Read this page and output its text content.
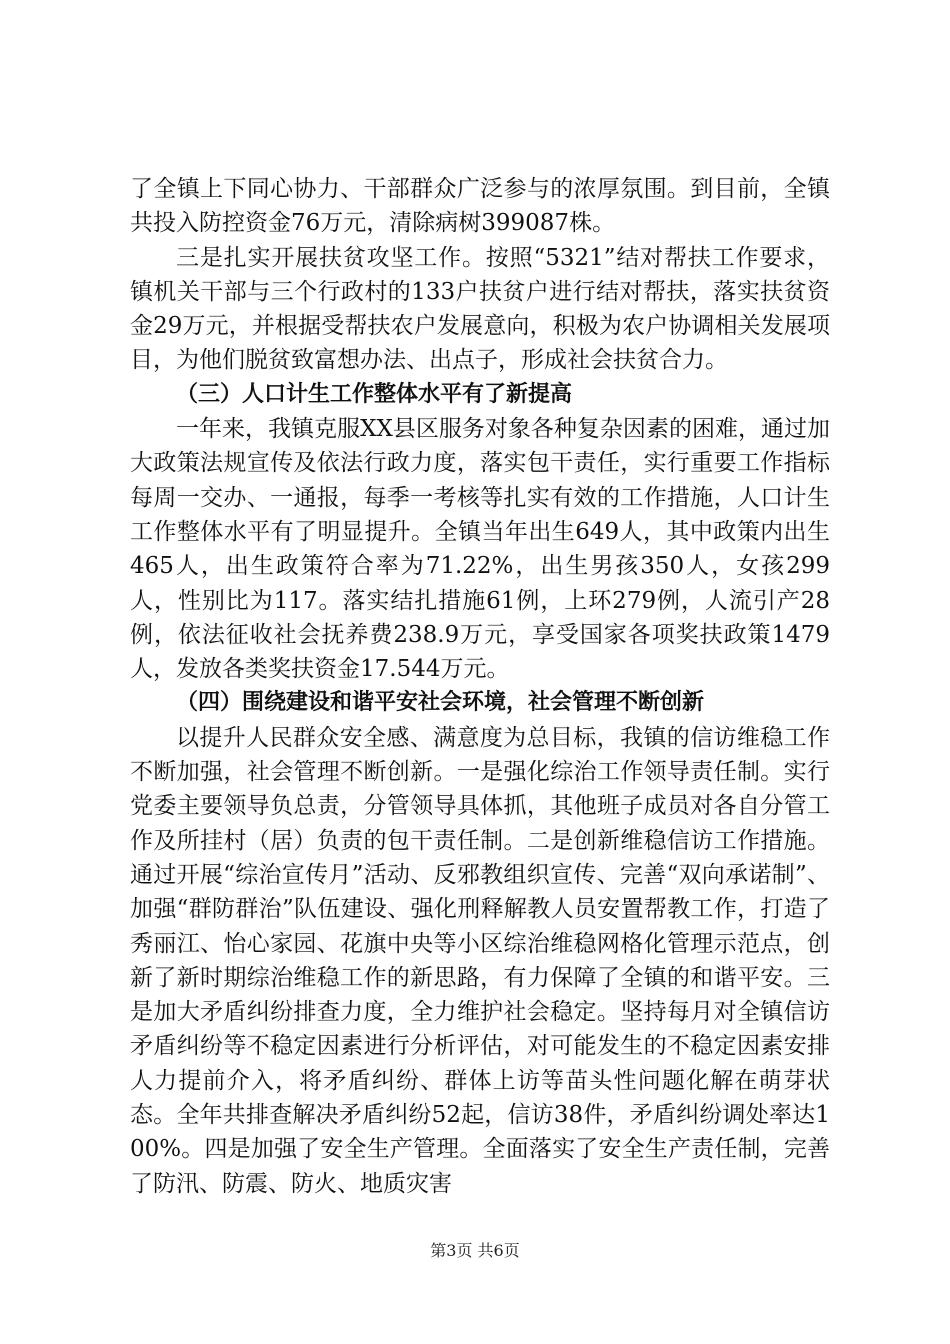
了全镇上下同心协力、干部群众广泛参与的浓厚氛围。到目前，全镇共投入防控资金76万元，清除病树399087株。

三是扎实开展扶贫攻坚工作。按照“5321”结对帮扶工作要求，镇机关干部与三个行政村的133户扶贫户进行结对帮扶，落实扶贫资金29万元，并根据受帮扶农户发展意向，积极为农户协调相关发展项目，为他们脱贫致富想办法、出点子，形成社会扶贫合力。

（三）人口计生工作整体水平有了新提高

一年来，我镇克服XX县区服务对象各种复杂因素的困难，通过加大政策法规宣传及依法行政力度，落实包干责任，实行重要工作指标每周一交办、一通报，每季一考核等扎实有效的工作措施，人口计生工作整体水平有了明显提升。全镇当年出生649人，其中政策内出生465人，出生政策符合率为71.22%，出生男孩350人，女孩299人，性别比为117。落实结扎措施61例，上环279例，人流引产28例，依法征收社会抚养费238.9万元，享受国家各项奖扶政策1479人，发放各类奖扶资金17.544万元。

（四）围绕建设和谐平安社会环境，社会管理不断创新

以提升人民群众安全感、满意度为总目标，我镇的信访维稳工作不断加强，社会管理不断创新。一是强化综治工作领导责任制。实行党委主要领导负总责，分管领导具体抓，其他班子成员对各自分管工作及所挂村（居）负责的包干责任制。二是创新维稳信访工作措施。通过开展“综治宣传月”活动、反邪教组织宣传、完善“双向承诺制”、加强“群防群治”队伍建设、强化刑释解教人员安置帮教工作，打造了秀丽江、怡心家园、花旗中央等小区综治维稳网格化管理示范点，创新了新时期综治维稳工作的新思路，有力保障了全镇的和谐平安。三是加大矛盾纠纷排查力度，全力维护社会稳定。坚持每月对全镇信访矛盾纠纷等不稳定因素进行分析评估，对可能发生的不稳定因素安排人力提前介入，将矛盾纠纷、群体上访等苗头性问题化解在萌芽状态。全年共排查解决矛盾纠纷52起，信访38件，矛盾纠纷调处率达100%。四是加强了安全生产管理。全面落实了安全生产责任制，完善了防汛、防震、防火、地质灾害

第3页 共6页
